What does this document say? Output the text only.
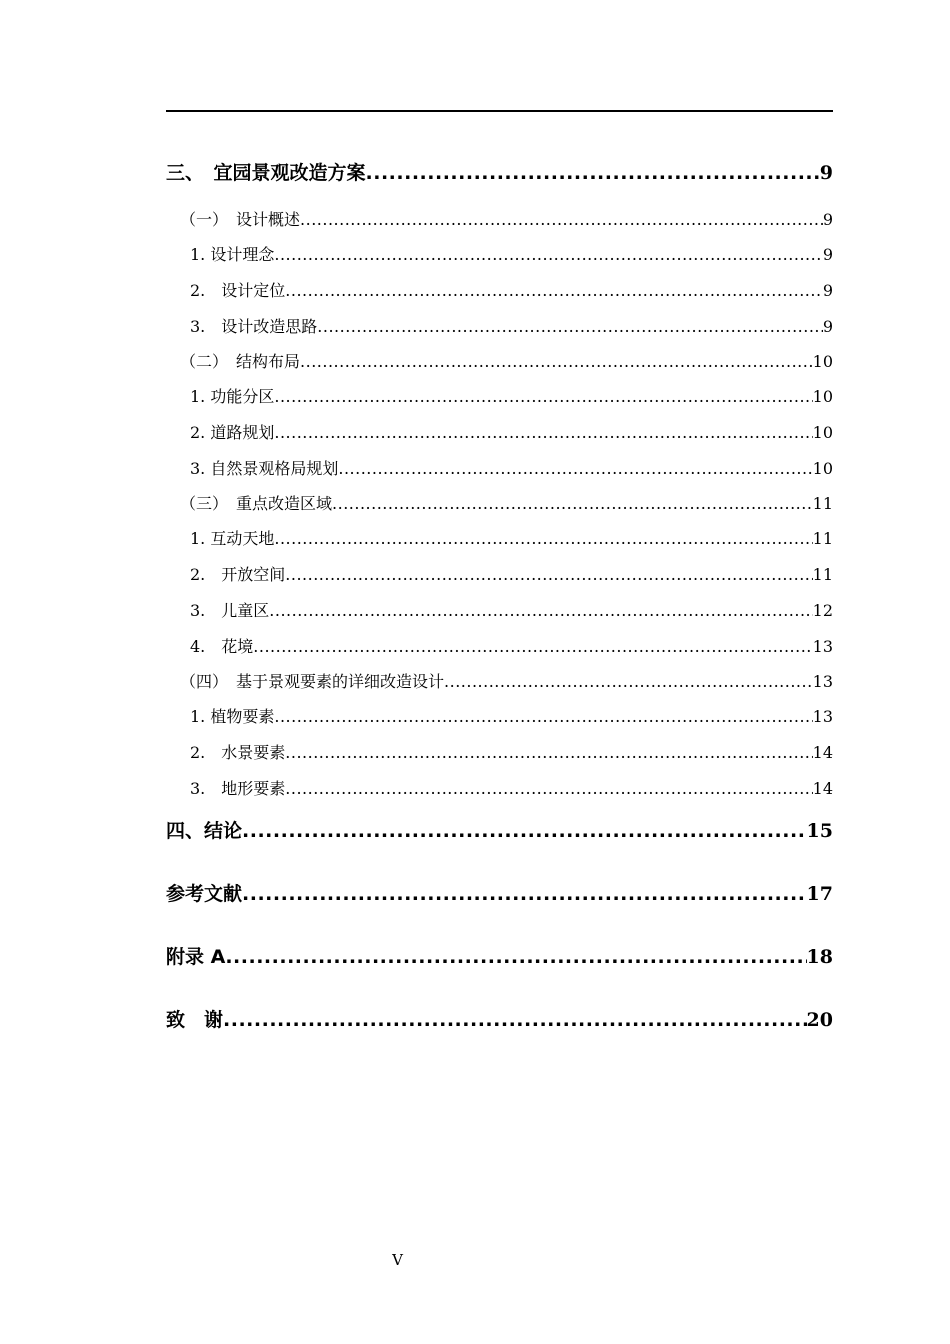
三、　宜园景观改造方案 .....	9
（一）　设计概述 .....	9
1. 设计理念 .....	9
2.　设计定位 .....	9
3.　设计改造思路 .....	9
（二）　结构布局 .....	10
1. 功能分区 .....	10
2. 道路规划 .....	10
3. 自然景观格局规划 .....	10
（三）　重点改造区域 .....	11
1. 互动天地 .....	11
2.　开放空间 .....	11
3.　儿童区 .....	12
4.　花境 .....	13
（四）　基于景观要素的详细改造设计 .....	13
1. 植物要素 .....	13
2.　水景要素 .....	14
3.　地形要素 .....	14
四、结论 .....	15
参考文献 .....	17
附录 A .....	18
致　谢 .....	20
V
